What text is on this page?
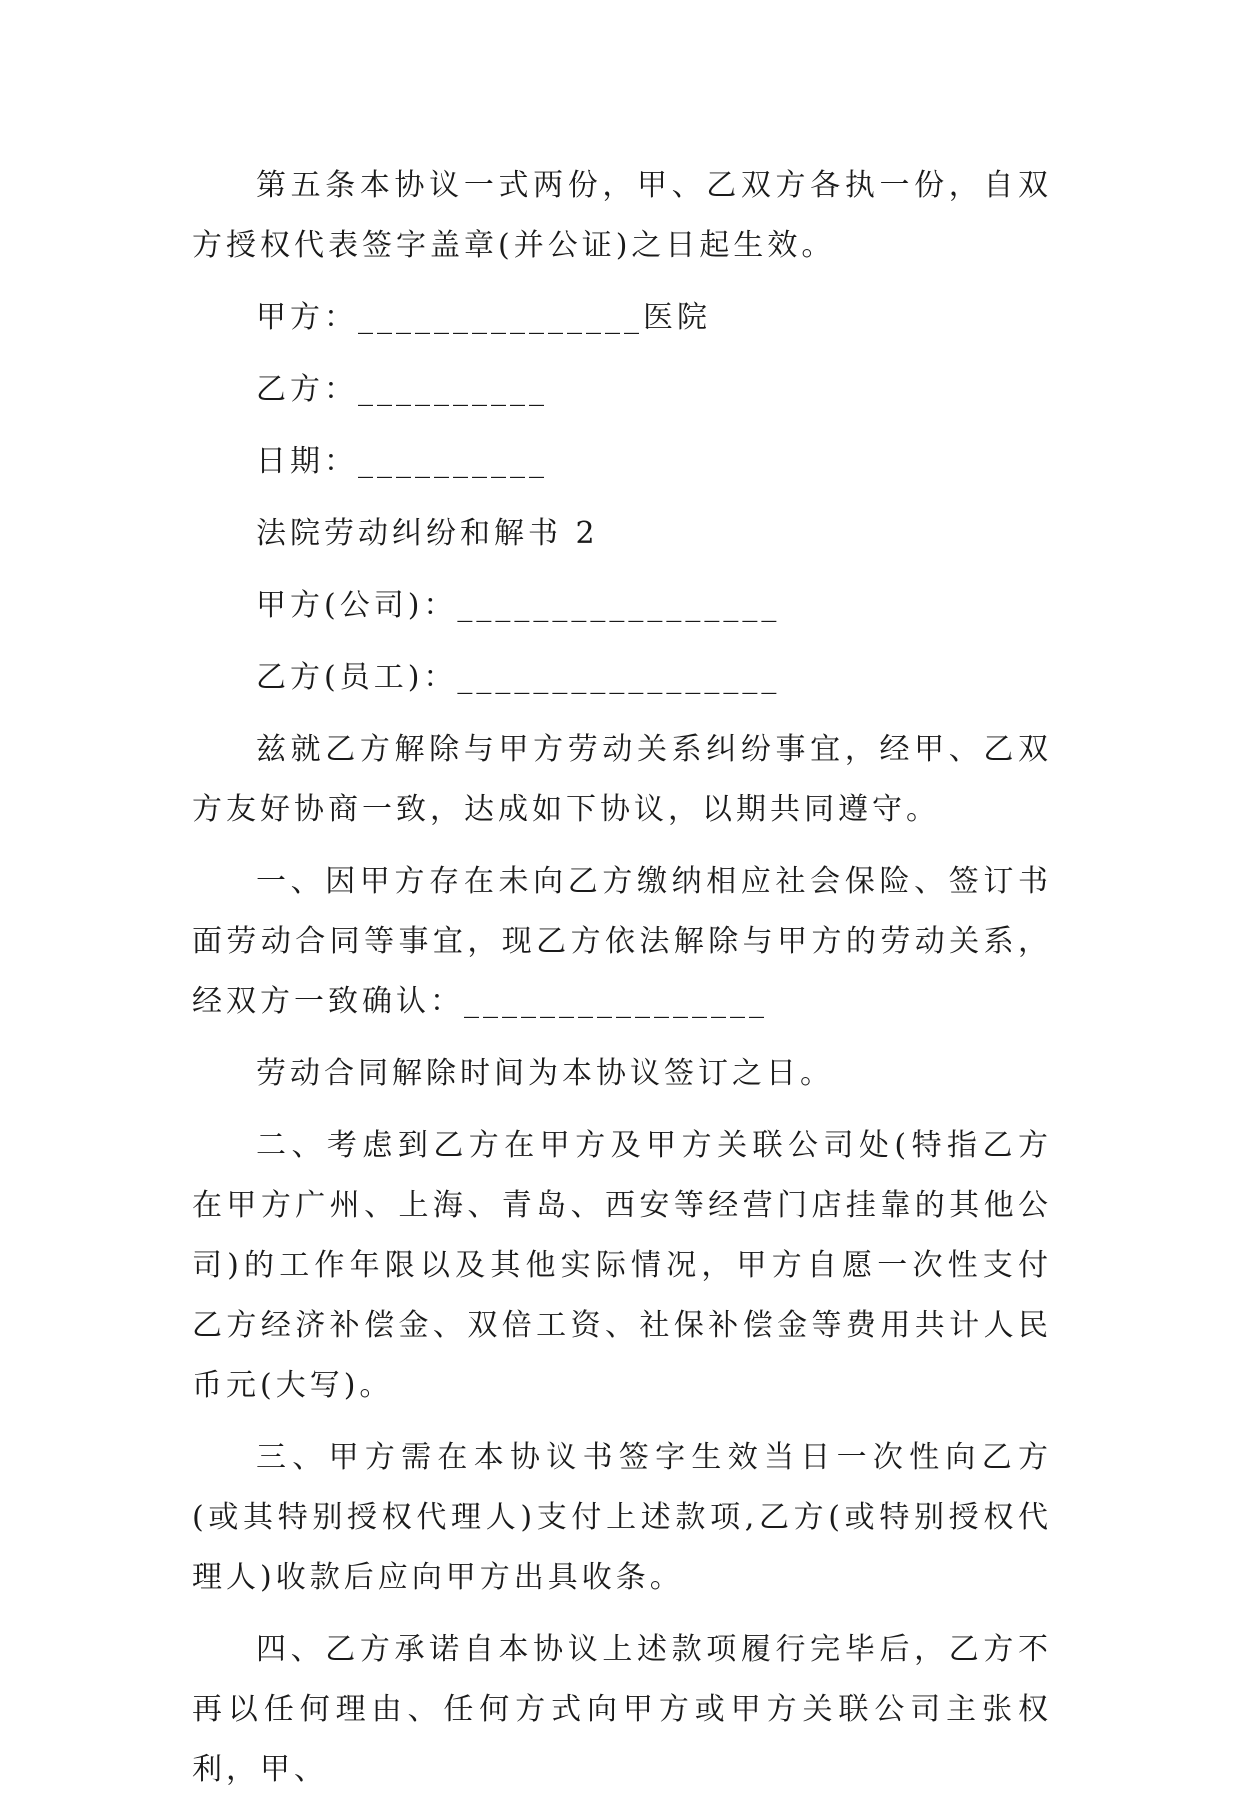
第五条本协议一式两份，甲、乙双方各执一份，自双方授权代表签字盖章(并公证)之日起生效。

甲方：_______________医院

乙方：__________

日期：__________

法院劳动纠纷和解书 2

甲方(公司)：_________________

乙方(员工)：_________________

兹就乙方解除与甲方劳动关系纠纷事宜，经甲、乙双方友好协商一致，达成如下协议，以期共同遵守。

一、因甲方存在未向乙方缴纳相应社会保险、签订书面劳动合同等事宜，现乙方依法解除与甲方的劳动关系，经双方一致确认：________________

劳动合同解除时间为本协议签订之日。

二、考虑到乙方在甲方及甲方关联公司处(特指乙方在甲方广州、上海、青岛、西安等经营门店挂靠的其他公司)的工作年限以及其他实际情况，甲方自愿一次性支付乙方经济补偿金、双倍工资、社保补偿金等费用共计人民币元(大写)。

三、甲方需在本协议书签字生效当日一次性向乙方(或其特别授权代理人)支付上述款项,乙方(或特别授权代理人)收款后应向甲方出具收条。

四、乙方承诺自本协议上述款项履行完毕后，乙方不再以任何理由、任何方式向甲方或甲方关联公司主张权利，甲、
